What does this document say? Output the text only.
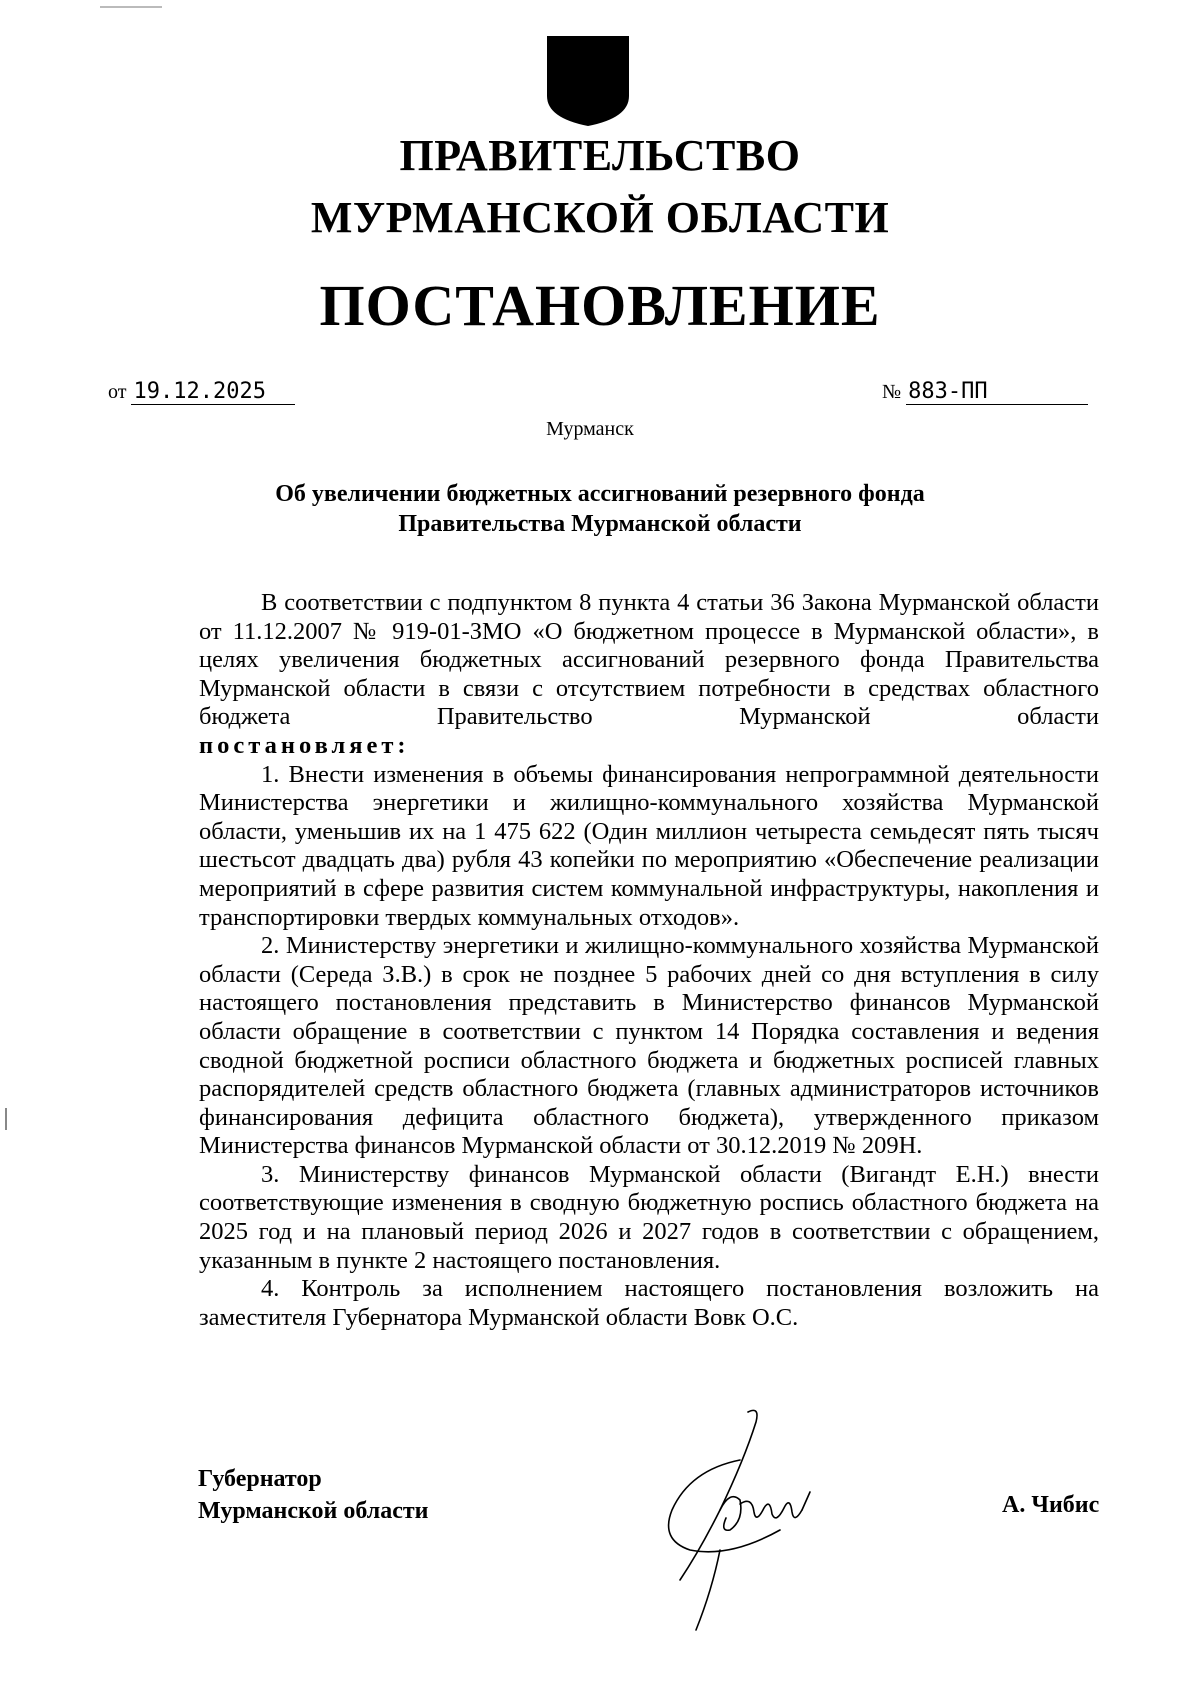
ПРАВИТЕЛЬСТВО
МУРМАНСКОЙ ОБЛАСТИ
ПОСТАНОВЛЕНИЕ
от 19.12.2025	№ 883-ПП
Мурманск
Об увеличении бюджетных ассигнований резервного фонда
Правительства Мурманской области

В соответствии с подпунктом 8 пункта 4 статьи 36 Закона Мурманской области от 11.12.2007 № 919-01-ЗМО «О бюджетном процессе в Мурманской области», в целях увеличения бюджетных ассигнований резервного фонда Правительства Мурманской области в связи с отсутствием потребности в средствах областного бюджета Правительство Мурманской области

постановляет:

1. Внести изменения в объемы финансирования непрограммной деятельности Министерства энергетики и жилищно-коммунального хозяйства Мурманской области, уменьшив их на 1 475 622 (Один миллион четыреста семьдесят пять тысяч шестьсот двадцать два) рубля 43 копейки по мероприятию «Обеспечение реализации мероприятий в сфере развития систем коммунальной инфраструктуры, накопления и транспортировки твердых коммунальных отходов».

2. Министерству энергетики и жилищно-коммунального хозяйства Мурманской области (Середа З.В.) в срок не позднее 5 рабочих дней со дня вступления в силу настоящего постановления представить в Министерство финансов Мурманской области обращение в соответствии с пунктом 14 Порядка составления и ведения сводной бюджетной росписи областного бюджета и бюджетных росписей главных распорядителей средств областного бюджета (главных администраторов источников финансирования дефицита областного бюджета), утвержденного приказом Министерства финансов Мурманской области от 30.12.2019 № 209Н.

3. Министерству финансов Мурманской области (Вигандт Е.Н.) внести соответствующие изменения в сводную бюджетную роспись областного бюджета на 2025 год и на плановый период 2026 и 2027 годов в соответствии с обращением, указанным в пункте 2 настоящего постановления.

4. Контроль за исполнением настоящего постановления возложить на заместителя Губернатора Мурманской области Вовк О.С.

Губернатор
Мурманской области	А. Чибис
